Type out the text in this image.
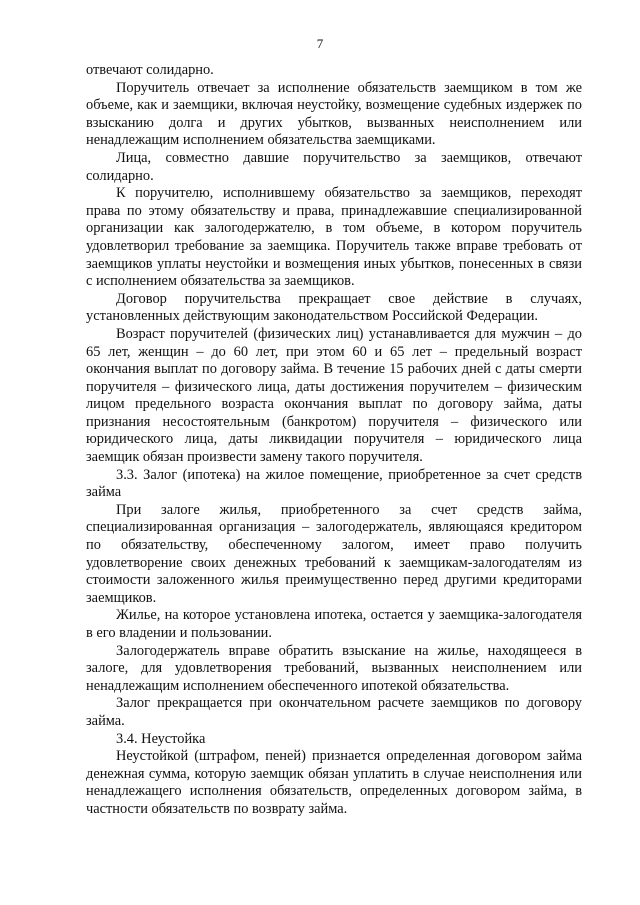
7

отвечают солидарно.

Поручитель отвечает за исполнение обязательств заемщиком в том же объеме, как и заемщики, включая неустойку, возмещение судебных издержек по взысканию долга и других убытков, вызванных неисполнением или ненадлежащим исполнением обязательства заемщиками.

Лица, совместно давшие поручительство за заемщиков, отвечают солидарно.

К поручителю, исполнившему обязательство за заемщиков, переходят права по этому обязательству и права, принадлежавшие специализированной организации как залогодержателю, в том объеме, в котором поручитель удовлетворил требование за заемщика. Поручитель также вправе требовать от заемщиков уплаты неустойки и возмещения иных убытков, понесенных в связи с исполнением обязательства за заемщиков.

Договор поручительства прекращает свое действие в случаях, установленных действующим законодательством Российской Федерации.

Возраст поручителей (физических лиц) устанавливается для мужчин – до 65 лет, женщин – до 60 лет, при этом 60 и 65 лет – предельный возраст окончания выплат по договору займа. В течение 15 рабочих дней с даты смерти поручителя – физического лица, даты достижения поручителем – физическим лицом предельного возраста окончания выплат по договору займа, даты признания несостоятельным (банкротом) поручителя – физического или юридического лица, даты ликвидации поручителя – юридического лица заемщик обязан произвести замену такого поручителя.

3.3. Залог (ипотека) на жилое помещение, приобретенное за счет средств займа

При залоге жилья, приобретенного за счет средств займа, специализированная организация – залогодержатель, являющаяся кредитором по обязательству, обеспеченному залогом, имеет право получить удовлетворение своих денежных требований к заемщикам-залогодателям из стоимости заложенного жилья преимущественно перед другими кредиторами заемщиков.

Жилье, на которое установлена ипотека, остается у заемщика-залогодателя в его владении и пользовании.

Залогодержатель вправе обратить взыскание на жилье, находящееся в залоге, для удовлетворения требований, вызванных неисполнением или ненадлежащим исполнением обеспеченного ипотекой обязательства.

Залог прекращается при окончательном расчете заемщиков по договору займа.

3.4. Неустойка

Неустойкой (штрафом, пеней) признается определенная договором займа денежная сумма, которую заемщик обязан уплатить в случае неисполнения или ненадлежащего исполнения обязательств, определенных договором займа, в частности обязательств по возврату займа.
